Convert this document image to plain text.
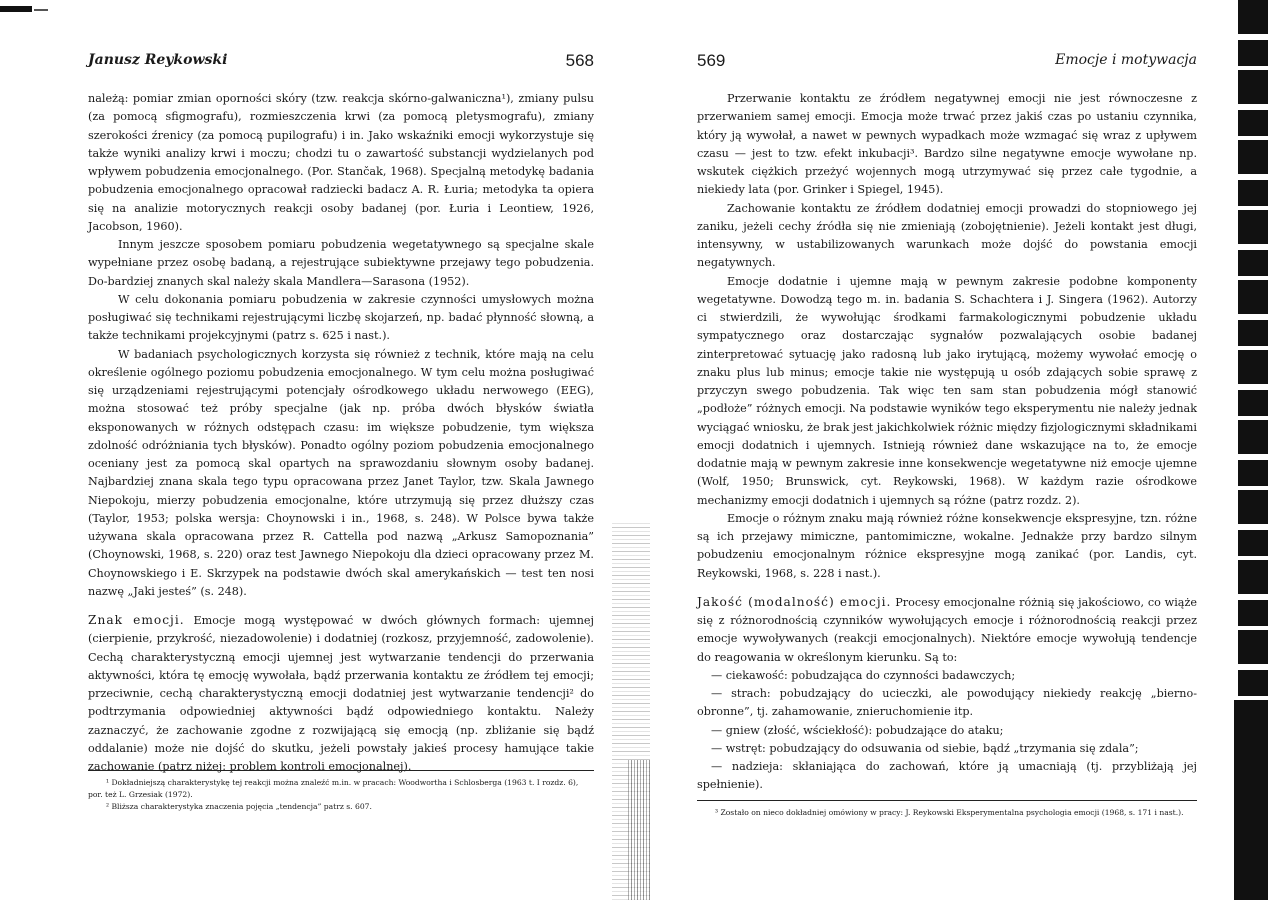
Janusz Reykowski	568

należą: pomiar zmian oporności skóry (tzw. reakcja skórno-galwaniczna¹), zmiany pulsu (za pomocą sfigmografu), rozmieszczenia krwi (za pomocą pletysmografu), zmiany szerokości źrenicy (za pomocą pupilografu) i in. Jako wskaźniki emocji wykorzystuje się także wyniki analizy krwi i moczu; chodzi tu o zawartość substancji wydzielanych pod wpływem pobudzenia emocjonalnego. (Por. Stančak, 1968). Specjalną metodykę badania pobudzenia emocjonalnego opracował radziecki badacz A. R. Łuria; metodyka ta opiera się na analizie motorycznych reakcji osoby badanej (por. Łuria i Leontiew, 1926, Jacobson, 1960).

Innym jeszcze sposobem pomiaru pobudzenia wegetatywnego są specjalne skale wypełniane przez osobę badaną, a rejestrujące subiektywne przejawy tego pobudzenia. Do-bardziej znanych skal należy skala Mandlera—Sarasona (1952).

W celu dokonania pomiaru pobudzenia w zakresie czynności umysłowych można posługiwać się technikami rejestrującymi liczbę skojarzeń, np. badać płynność słowną, a także technikami projekcyjnymi (patrz s. 625 i nast.).

W badaniach psychologicznych korzysta się również z technik, które mają na celu określenie ogólnego poziomu pobudzenia emocjonalnego. W tym celu można posługiwać się urządzeniami rejestrującymi potencjały ośrodkowego układu nerwowego (EEG), można stosować też próby specjalne (jak np. próba dwóch błysków światła eksponowanych w różnych odstępach czasu: im większe pobudzenie, tym większa zdolność odróżniania tych błysków). Ponadto ogólny poziom pobudzenia emocjonalnego oceniany jest za pomocą skal opartych na sprawozdaniu słownym osoby badanej. Najbardziej znana skala tego typu opracowana przez Janet Taylor, tzw. Skala Jawnego Niepokoju, mierzy pobudzenia emocjonalne, które utrzymują się przez dłuższy czas (Taylor, 1953; polska wersja: Choynowski i in., 1968, s. 248). W Polsce bywa także używana skala opracowana przez R. Cattella pod nazwą „Arkusz Samopoznania” (Choynowski, 1968, s. 220) oraz test Jawnego Niepokoju dla dzieci opracowany przez M. Choynowskiego i E. Skrzypek na podstawie dwóch skal amerykańskich — test ten nosi nazwę „Jaki jesteś” (s. 248).

Znak emocji. Emocje mogą występować w dwóch głównych formach: ujemnej (cierpienie, przykrość, niezadowolenie) i dodatniej (rozkosz, przyjemność, zadowolenie). Cechą charakterystyczną emocji ujemnej jest wytwarzanie tendencji do przerwania aktywności, która tę emocję wywołała, bądź przerwania kontaktu ze źródłem tej emocji; przeciwnie, cechą charakterystyczną emocji dodatniej jest wytwarzanie tendencji² do podtrzymania odpowiedniej aktywności bądź odpowiedniego kontaktu. Należy zaznaczyć, że zachowanie zgodne z rozwijającą się emocją (np. zbliżanie się bądź oddalanie) może nie dojść do skutku, jeżeli powstały jakieś procesy hamujące takie zachowanie (patrz niżej: problem kontroli emocjonalnej).

¹ Dokładniejszą charakterystykę tej reakcji można znaleźć m.in. w pracach: Woodwortha i Schlosberga (1963 t. I rozdz. 6), por. też L. Grzesiak (1972).

² Bliższa charakterystyka znaczenia pojęcia „tendencja” patrz s. 607.

569	Emocje i motywacja

Przerwanie kontaktu ze źródłem negatywnej emocji nie jest równoczesne z przerwaniem samej emocji. Emocja może trwać przez jakiś czas po ustaniu czynnika, który ją wywołał, a nawet w pewnych wypadkach może wzmagać się wraz z upływem czasu — jest to tzw. efekt inkubacji³. Bardzo silne negatywne emocje wywołane np. wskutek ciężkich przeżyć wojennych mogą utrzymywać się przez całe tygodnie, a niekiedy lata (por. Grinker i Spiegel, 1945).

Zachowanie kontaktu ze źródłem dodatniej emocji prowadzi do stopniowego jej zaniku, jeżeli cechy źródła się nie zmieniają (zobojętnienie). Jeżeli kontakt jest długi, intensywny, w ustabilizowanych warunkach może dojść do powstania emocji negatywnych.

Emocje dodatnie i ujemne mają w pewnym zakresie podobne komponenty wegetatywne. Dowodzą tego m. in. badania S. Schachtera i J. Singera (1962). Autorzy ci stwierdzili, że wywołując środkami farmakologicznymi pobudzenie układu sympatycznego oraz dostarczając sygnałów pozwalających osobie badanej zinterpretować sytuację jako radosną lub jako irytującą, możemy wywołać emocję o znaku plus lub minus; emocje takie nie występują u osób zdających sobie sprawę z przyczyn swego pobudzenia. Tak więc ten sam stan pobudzenia mógł stanowić „podłoże” różnych emocji. Na podstawie wyników tego eksperymentu nie należy jednak wyciągać wniosku, że brak jest jakichkolwiek różnic między fizjologicznymi składnikami emocji dodatnich i ujemnych. Istnieją również dane wskazujące na to, że emocje dodatnie mają w pewnym zakresie inne konsekwencje wegetatywne niż emocje ujemne (Wolf, 1950; Brunswick, cyt. Reykowski, 1968). W każdym razie ośrodkowe mechanizmy emocji dodatnich i ujemnych są różne (patrz rozdz. 2).

Emocje o różnym znaku mają również różne konsekwencje ekspresyjne, tzn. różne są ich przejawy mimiczne, pantomimiczne, wokalne. Jednakże przy bardzo silnym pobudzeniu emocjonalnym różnice ekspresyjne mogą zanikać (por. Landis, cyt. Reykowski, 1968, s. 228 i nast.).

Jakość (modalność) emocji. Procesy emocjonalne różnią się jakościowo, co wiąże się z różnorodnością czynników wywołujących emocje i różnorodnością reakcji przez emocje wywoływanych (reakcji emocjonalnych). Niektóre emocje wywołują tendencje do reagowania w określonym kierunku. Są to:

— ciekawość: pobudzająca do czynności badawczych;
— strach: pobudzający do ucieczki, ale powodujący niekiedy reakcję „bierno-obronne”, tj. zahamowanie, znieruchomienie itp.
— gniew (złość, wściekłość): pobudzające do ataku;
— wstręt: pobudzający do odsuwania od siebie, bądź „trzymania się zdala”;
— nadzieja: skłaniająca do zachowań, które ją umacniają (tj. przybliżają jej spełnienie).

³ Zostało on nieco dokładniej omówiony w pracy: J. Reykowski Eksperymentalna psychologia emocji (1968, s. 171 i nast.).
